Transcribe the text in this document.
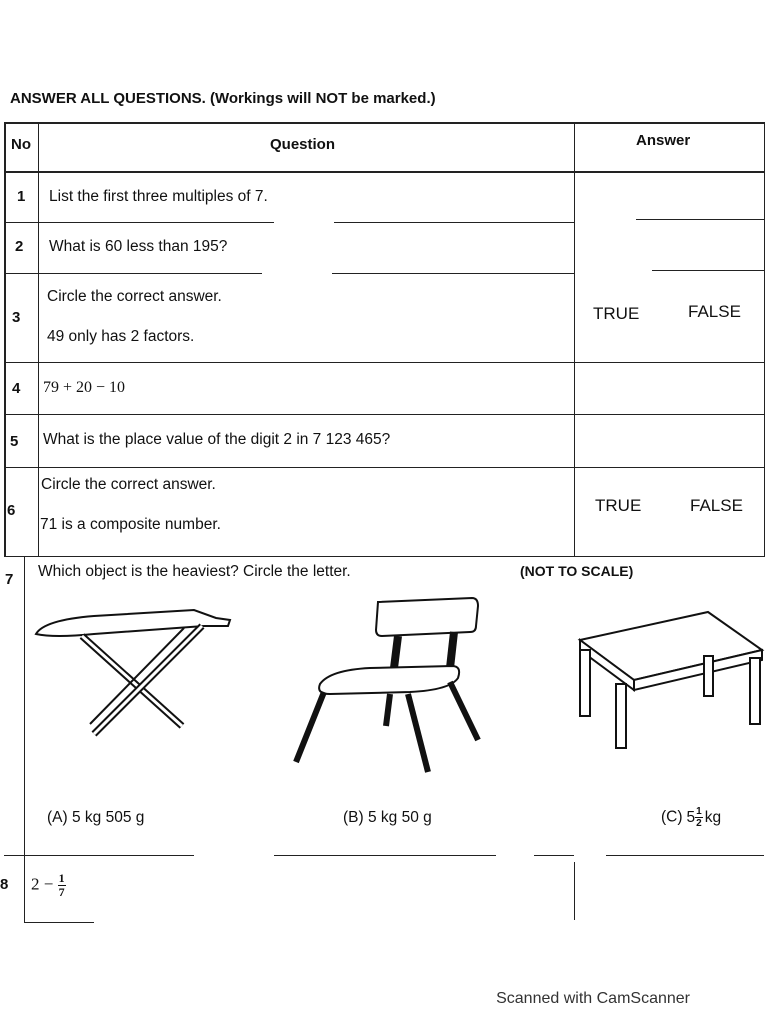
ANSWER ALL QUESTIONS. (Workings will NOT be marked.)
No	Question	Answer
1 List the first three multiples of 7.
2 What is 60 less than 195?
3
Circle the correct answer.
49 only has 2 factors.
TRUE	FALSE
4 79 + 20 − 10
5 What is the place value of the digit 2 in 7 123 465?
6
Circle the correct answer.
71 is a composite number.
TRUE	FALSE
7 Which object is the heaviest? Circle the letter.	(NOT TO SCALE)
(A) 5 kg 505 g	(B) 5 kg 50 g	(C) $5 \frac{1}{2}$ kg
8 $2 - \frac{1}{7}$
Scanned with CamScanner
